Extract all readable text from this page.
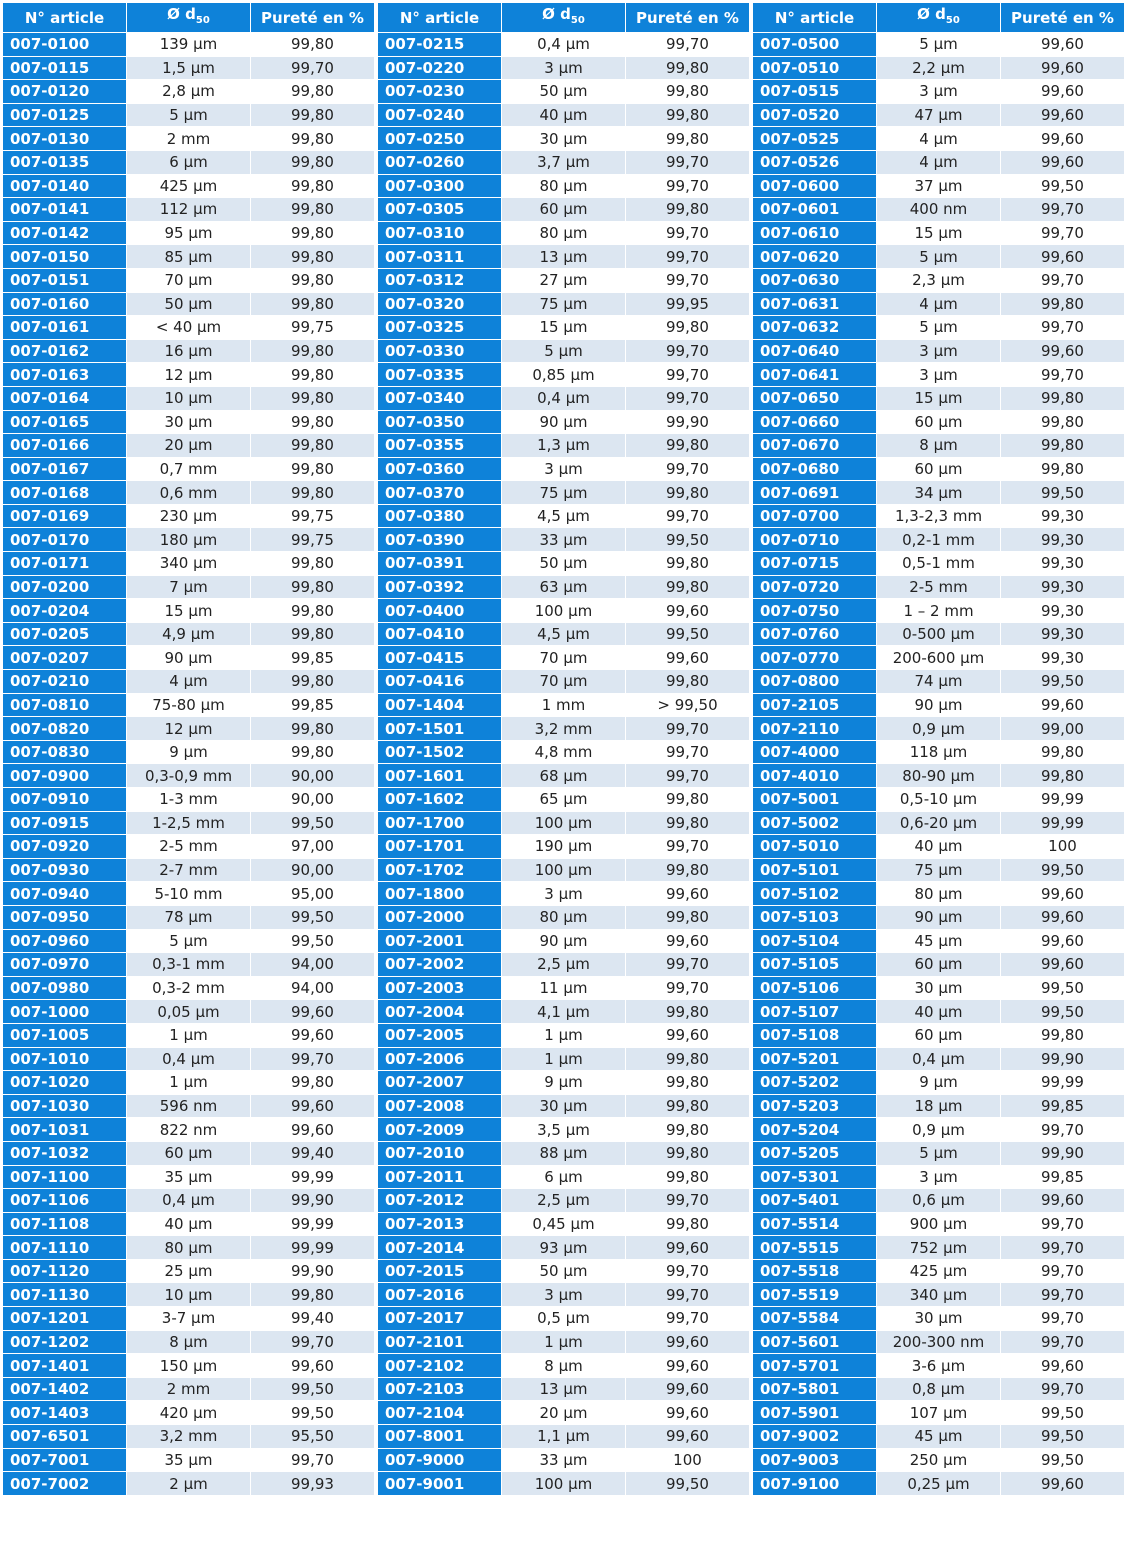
N° article	Ø $d_{50}$	Pureté en %
007-0100	139 µm	99,80
007-0115	1,5 µm	99,70
007-0120	2,8 µm	99,80
007-0125	5 µm	99,80
007-0130	2 mm	99,80
007-0135	6 µm	99,80
007-0140	425 µm	99,80
007-0141	112 µm	99,80
007-0142	95 µm	99,80
007-0150	85 µm	99,80
007-0151	70 µm	99,80
007-0160	50 µm	99,80
007-0161	< 40 µm	99,75
007-0162	16 µm	99,80
007-0163	12 µm	99,80
007-0164	10 µm	99,80
007-0165	30 µm	99,80
007-0166	20 µm	99,80
007-0167	0,7 mm	99,80
007-0168	0,6 mm	99,80
007-0169	230 µm	99,75
007-0170	180 µm	99,75
007-0171	340 µm	99,80
007-0200	7 µm	99,80
007-0204	15 µm	99,80
007-0205	4,9 µm	99,80
007-0207	90 µm	99,85
007-0210	4 µm	99,80
007-0810	75-80 µm	99,85
007-0820	12 µm	99,80
007-0830	9 µm	99,80
007-0900	0,3-0,9 mm	90,00
007-0910	1-3 mm	90,00
007-0915	1-2,5 mm	99,50
007-0920	2-5 mm	97,00
007-0930	2-7 mm	90,00
007-0940	5-10 mm	95,00
007-0950	78 µm	99,50
007-0960	5 µm	99,50
007-0970	0,3-1 mm	94,00
007-0980	0,3-2 mm	94,00
007-1000	0,05 µm	99,60
007-1005	1 µm	99,60
007-1010	0,4 µm	99,70
007-1020	1 µm	99,80
007-1030	596 nm	99,60
007-1031	822 nm	99,60
007-1032	60 µm	99,40
007-1100	35 µm	99,99
007-1106	0,4 µm	99,90
007-1108	40 µm	99,99
007-1110	80 µm	99,99
007-1120	25 µm	99,90
007-1130	10 µm	99,80
007-1201	3-7 µm	99,40
007-1202	8 µm	99,70
007-1401	150 µm	99,60
007-1402	2 mm	99,50
007-1403	420 µm	99,50
007-6501	3,2 mm	95,50
007-7001	35 µm	99,70
007-7002	2 µm	99,93
N° article	Ø $d_{50}$	Pureté en %
007-0215	0,4 µm	99,70
007-0220	3 µm	99,80
007-0230	50 µm	99,80
007-0240	40 µm	99,80
007-0250	30 µm	99,80
007-0260	3,7 µm	99,70
007-0300	80 µm	99,70
007-0305	60 µm	99,80
007-0310	80 µm	99,70
007-0311	13 µm	99,70
007-0312	27 µm	99,70
007-0320	75 µm	99,95
007-0325	15 µm	99,80
007-0330	5 µm	99,70
007-0335	0,85 µm	99,70
007-0340	0,4 µm	99,70
007-0350	90 µm	99,90
007-0355	1,3 µm	99,80
007-0360	3 µm	99,70
007-0370	75 µm	99,80
007-0380	4,5 µm	99,70
007-0390	33 µm	99,50
007-0391	50 µm	99,80
007-0392	63 µm	99,80
007-0400	100 µm	99,60
007-0410	4,5 µm	99,50
007-0415	70 µm	99,60
007-0416	70 µm	99,80
007-1404	1 mm	> 99,50
007-1501	3,2 mm	99,70
007-1502	4,8 mm	99,70
007-1601	68 µm	99,70
007-1602	65 µm	99,80
007-1700	100 µm	99,80
007-1701	190 µm	99,70
007-1702	100 µm	99,80
007-1800	3 µm	99,60
007-2000	80 µm	99,80
007-2001	90 µm	99,60
007-2002	2,5 µm	99,70
007-2003	11 µm	99,70
007-2004	4,1 µm	99,80
007-2005	1 µm	99,60
007-2006	1 µm	99,80
007-2007	9 µm	99,80
007-2008	30 µm	99,80
007-2009	3,5 µm	99,80
007-2010	88 µm	99,80
007-2011	6 µm	99,80
007-2012	2,5 µm	99,70
007-2013	0,45 µm	99,80
007-2014	93 µm	99,60
007-2015	50 µm	99,70
007-2016	3 µm	99,70
007-2017	0,5 µm	99,70
007-2101	1 µm	99,60
007-2102	8 µm	99,60
007-2103	13 µm	99,60
007-2104	20 µm	99,60
007-8001	1,1 µm	99,60
007-9000	33 µm	100
007-9001	100 µm	99,50
N° article	Ø $d_{50}$	Pureté en %
007-0500	5 µm	99,60
007-0510	2,2 µm	99,60
007-0515	3 µm	99,60
007-0520	47 µm	99,60
007-0525	4 µm	99,60
007-0526	4 µm	99,60
007-0600	37 µm	99,50
007-0601	400 nm	99,70
007-0610	15 µm	99,70
007-0620	5 µm	99,60
007-0630	2,3 µm	99,70
007-0631	4 µm	99,80
007-0632	5 µm	99,70
007-0640	3 µm	99,60
007-0641	3 µm	99,70
007-0650	15 µm	99,80
007-0660	60 µm	99,80
007-0670	8 µm	99,80
007-0680	60 µm	99,80
007-0691	34 µm	99,50
007-0700	1,3-2,3 mm	99,30
007-0710	0,2-1 mm	99,30
007-0715	0,5-1 mm	99,30
007-0720	2-5 mm	99,30
007-0750	1 – 2 mm	99,30
007-0760	0-500 µm	99,30
007-0770	200-600 µm	99,30
007-0800	74 µm	99,50
007-2105	90 µm	99,60
007-2110	0,9 µm	99,00
007-4000	118 µm	99,80
007-4010	80-90 µm	99,80
007-5001	0,5-10 µm	99,99
007-5002	0,6-20 µm	99,99
007-5010	40 µm	100
007-5101	75 µm	99,50
007-5102	80 µm	99,60
007-5103	90 µm	99,60
007-5104	45 µm	99,60
007-5105	60 µm	99,60
007-5106	30 µm	99,50
007-5107	40 µm	99,50
007-5108	60 µm	99,80
007-5201	0,4 µm	99,90
007-5202	9 µm	99,99
007-5203	18 µm	99,85
007-5204	0,9 µm	99,70
007-5205	5 µm	99,90
007-5301	3 µm	99,85
007-5401	0,6 µm	99,60
007-5514	900 µm	99,70
007-5515	752 µm	99,70
007-5518	425 µm	99,70
007-5519	340 µm	99,70
007-5584	30 µm	99,70
007-5601	200-300 nm	99,70
007-5701	3-6 µm	99,60
007-5801	0,8 µm	99,70
007-5901	107 µm	99,50
007-9002	45 µm	99,50
007-9003	250 µm	99,50
007-9100	0,25 µm	99,60
